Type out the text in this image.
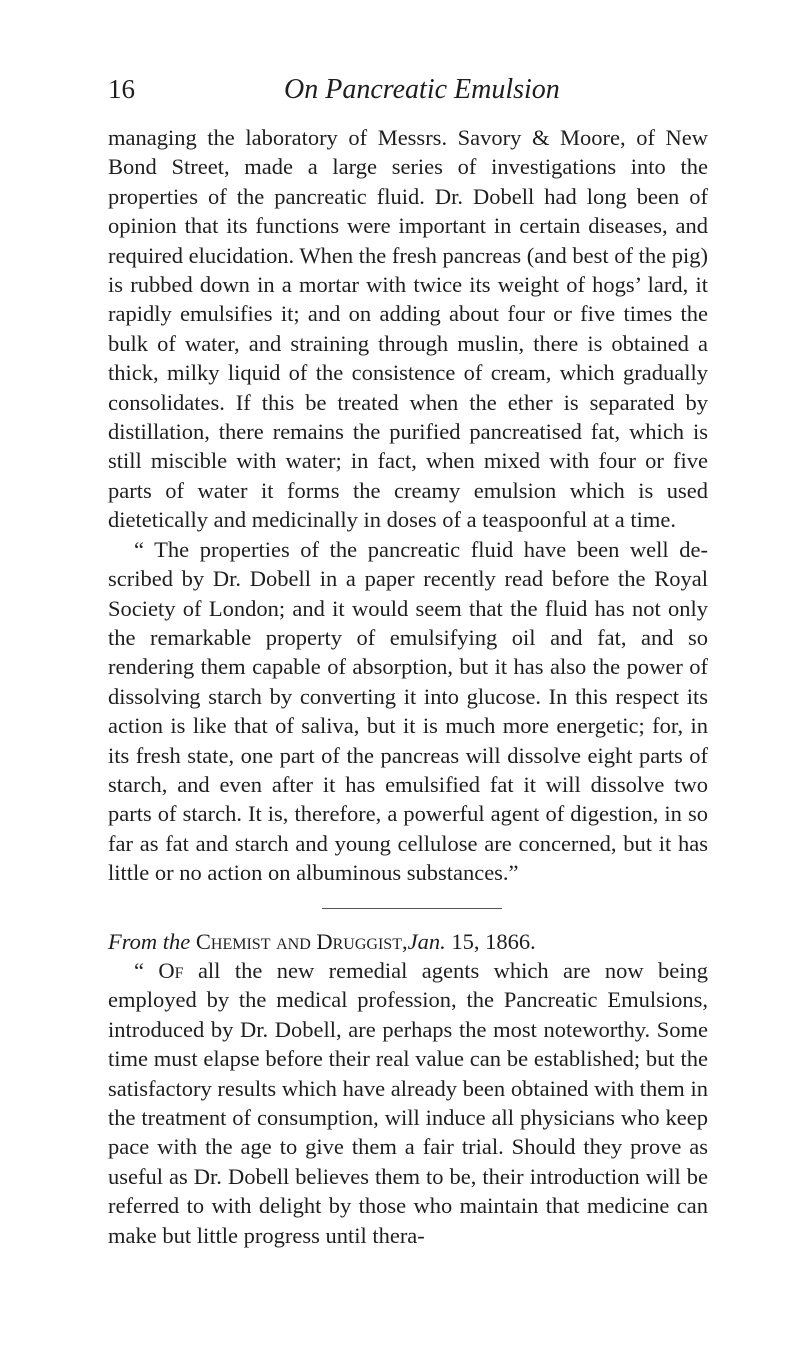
16	On Pancreatic Emulsion

managing the laboratory of Messrs. Savory & Moore, of New Bond Street, made a large series of investigations into the properties of the pancreatic fluid. Dr. Dobell had long been of opinion that its functions were important in certain diseases, and required elucidation. When the fresh pancreas (and best of the pig) is rubbed down in a mortar with twice its weight of hogs’ lard, it rapidly emulsifies it; and on adding about four or five times the bulk of water, and straining through muslin, there is obtained a thick, milky liquid of the consistence of cream, which gradually consolidates. If this be treated when the ether is separated by distillation, there remains the purified pancreatised fat, which is still miscible with water; in fact, when mixed with four or five parts of water it forms the creamy emulsion which is used dietetically and medicinally in doses of a teaspoonful at a time.

“ The properties of the pancreatic fluid have been well described by Dr. Dobell in a paper recently read before the Royal Society of London; and it would seem that the fluid has not only the remarkable property of emulsifying oil and fat, and so rendering them capable of absorption, but it has also the power of dissolving starch by converting it into glucose. In this respect its action is like that of saliva, but it is much more energetic; for, in its fresh state, one part of the pancreas will dissolve eight parts of starch, and even after it has emulsified fat it will dissolve two parts of starch. It is, therefore, a powerful agent of digestion, in so far as fat and starch and young cellulose are concerned, but it has little or no action on albuminous substances.”

From the Chemist and Druggist,Jan. 15, 1866.

“ Of all the new remedial agents which are now being employed by the medical profession, the Pancreatic Emulsions, introduced by Dr. Dobell, are perhaps the most noteworthy. Some time must elapse before their real value can be established; but the satisfactory results which have already been obtained with them in the treatment of consumption, will induce all physicians who keep pace with the age to give them a fair trial. Should they prove as useful as Dr. Dobell believes them to be, their introduction will be referred to with delight by those who maintain that medicine can make but little progress until thera-
